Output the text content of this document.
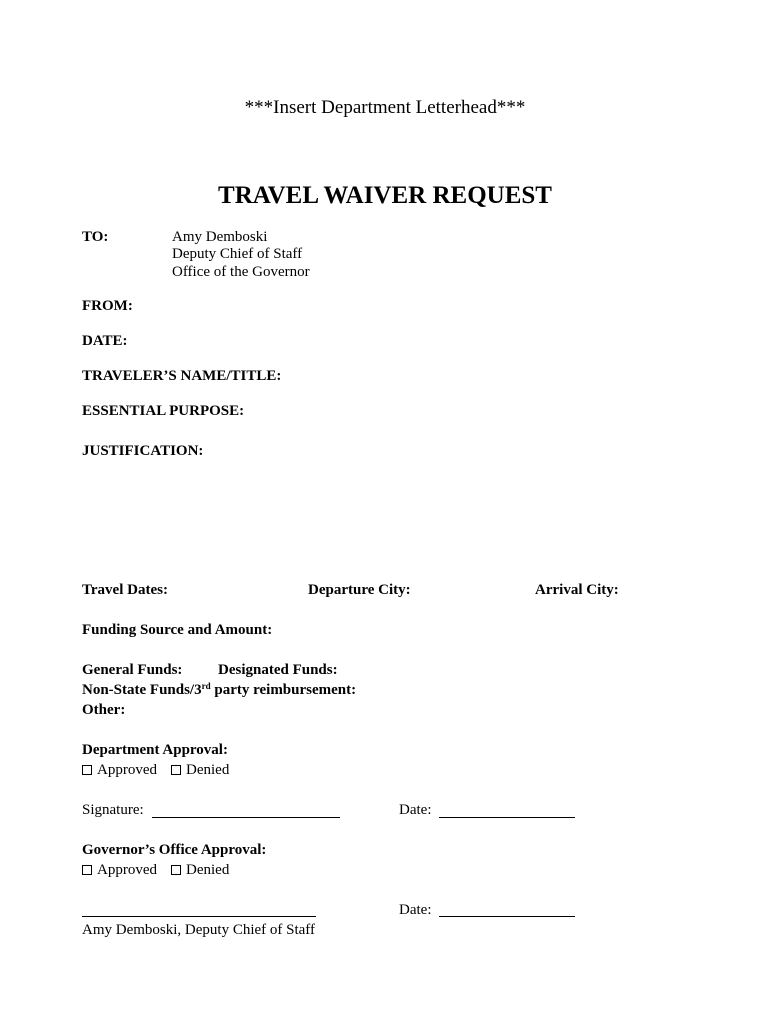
***Insert Department Letterhead***
TRAVEL WAIVER REQUEST
TO:	Amy Demboski
Deputy Chief of Staff
Office of the Governor
FROM:
DATE:
TRAVELER’S NAME/TITLE:
ESSENTIAL PURPOSE:
JUSTIFICATION:
Travel Dates:	Departure City:	Arrival City:
Funding Source and Amount:
General Funds: Designated Funds:
Non-State Funds/3rd party reimbursement:
Other:
Department Approval:
Approved Denied
Signature:	Date:
Governor’s Office Approval:
Approved Denied
Date:
Amy Demboski, Deputy Chief of Staff
